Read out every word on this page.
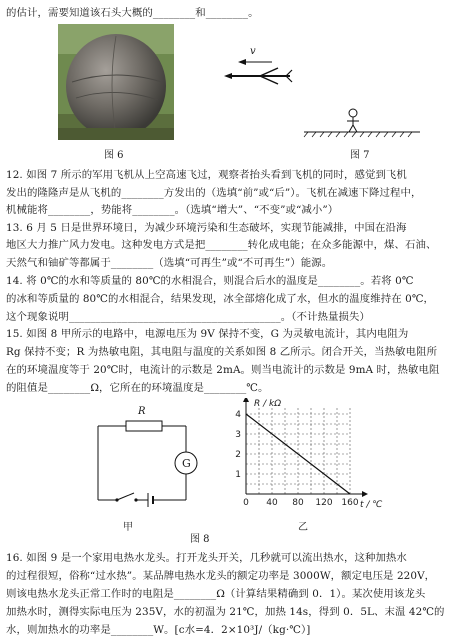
的估计，需要知道该石头大概的________和________。
图 6
v
图 7
12. 如图 7 所示的军用飞机从上空高速飞过，观察者抬头看到飞机的同时，感觉到飞机
发出的隆隆声是从飞机的________方发出的（选填“前”或“后”）。飞机在减速下降过程中，
机械能将________，势能将________。（选填“增大”、“不变”或“减小”）
13. 6 月 5 日是世界环境日，为减少环境污染和生态破坏，实现节能减排，中国在沿海
地区大力推广风力发电。这种发电方式是把________转化成电能；在众多能源中，煤、石油、
天然气和铀矿等都属于________（选填“可再生”或“不可再生”）能源。
14. 将 0℃的水和等质量的 80℃的水相混合，则混合后水的温度是________。若将 0℃
的冰和等质量的 80℃的水相混合，结果发现，冰全部熔化成了水，但水的温度维持在 0℃，
这个现象说明________________________________________。（不计热量损失）
15. 如图 8 甲所示的电路中，电源电压为 9V 保持不变，G 为灵敏电流计，其内电阻为
Rg 保持不变；R 为热敏电阻，其电阻与温度的关系如图 8 乙所示。闭合开关，当热敏电阻所
在的环境温度等于 20℃时，电流计的示数是 2mA。则当电流计的示数是 9mA 时，热敏电阻
的阻值是________Ω，它所在的环境温度是________℃。
R
G
甲
0 40 80 120 160
1
2
3
4
R / kΩ
t / ℃
乙
图 8
16. 如图 9 是一个家用电热水龙头。打开龙头开关，几秒就可以流出热水，这种加热水
的过程很短，俗称“过水热”。某品牌电热水龙头的额定功率是 3000W，额定电压是 220V，
则该电热水龙头正常工作时的电阻是________Ω（计算结果精确到 0．1）。某次使用该龙头
加热水时，测得实际电压为 235V，水的初温为 21℃，加热 14s，得到 0．5L、末温 42℃的
水，则加热水的功率是________W。[c水=4．2×10³J/（kg·℃）]
